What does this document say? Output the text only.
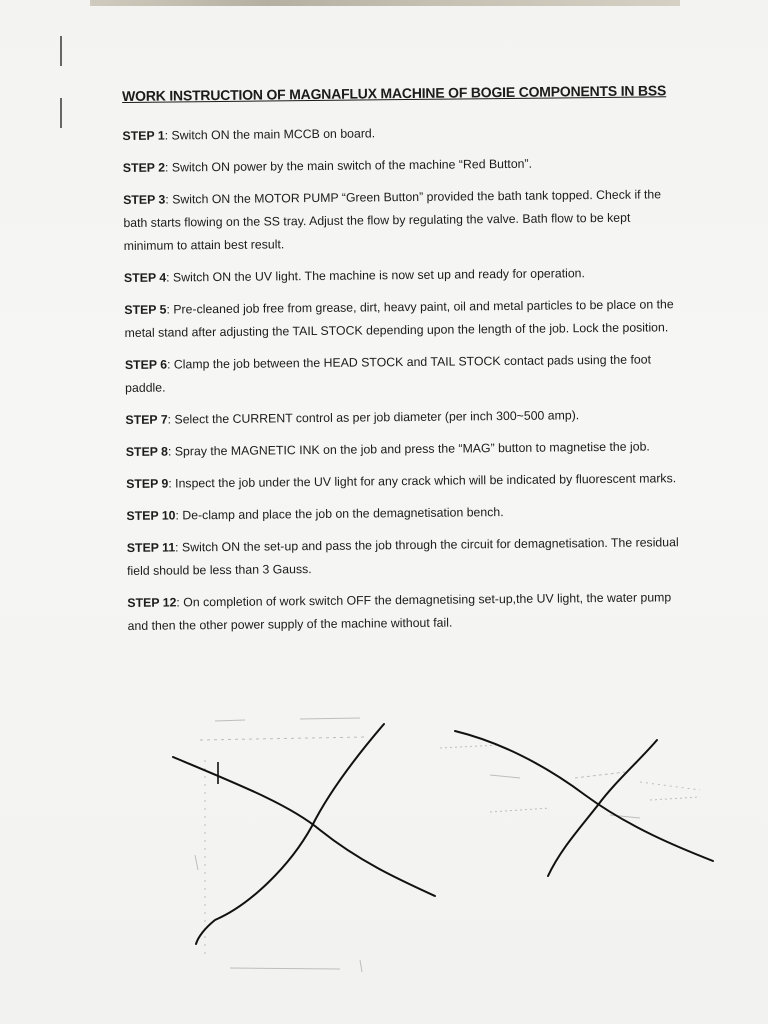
WORK INSTRUCTION OF MAGNAFLUX MACHINE OF BOGIE COMPONENTS IN BSS

STEP 1: Switch ON the main MCCB on board.

STEP 2: Switch ON power by the main switch of the machine “Red Button”.

STEP 3: Switch ON the MOTOR PUMP “Green Button” provided the bath tank topped. Check if the bath starts flowing on the SS tray. Adjust the flow by regulating the valve. Bath flow to be kept minimum to attain best result.

STEP 4: Switch ON the UV light. The machine is now set up and ready for operation.

STEP 5: Pre-cleaned job free from grease, dirt, heavy paint, oil and metal particles to be place on the metal stand after adjusting the TAIL STOCK depending upon the length of the job. Lock the position.

STEP 6: Clamp the job between the HEAD STOCK and TAIL STOCK contact pads using the foot paddle.

STEP 7: Select the CURRENT control as per job diameter (per inch 300~500 amp).

STEP 8: Spray the MAGNETIC INK on the job and press the “MAG” button to magnetise the job.

STEP 9: Inspect the job under the UV light for any crack which will be indicated by fluorescent marks.

STEP 10: De-clamp and place the job on the demagnetisation bench.

STEP 11: Switch ON the set-up and pass the job through the circuit for demagnetisation. The residual field should be less than 3 Gauss.

STEP 12: On completion of work switch OFF the demagnetising set-up,the UV light, the water pump and then the other power supply of the machine without fail.
